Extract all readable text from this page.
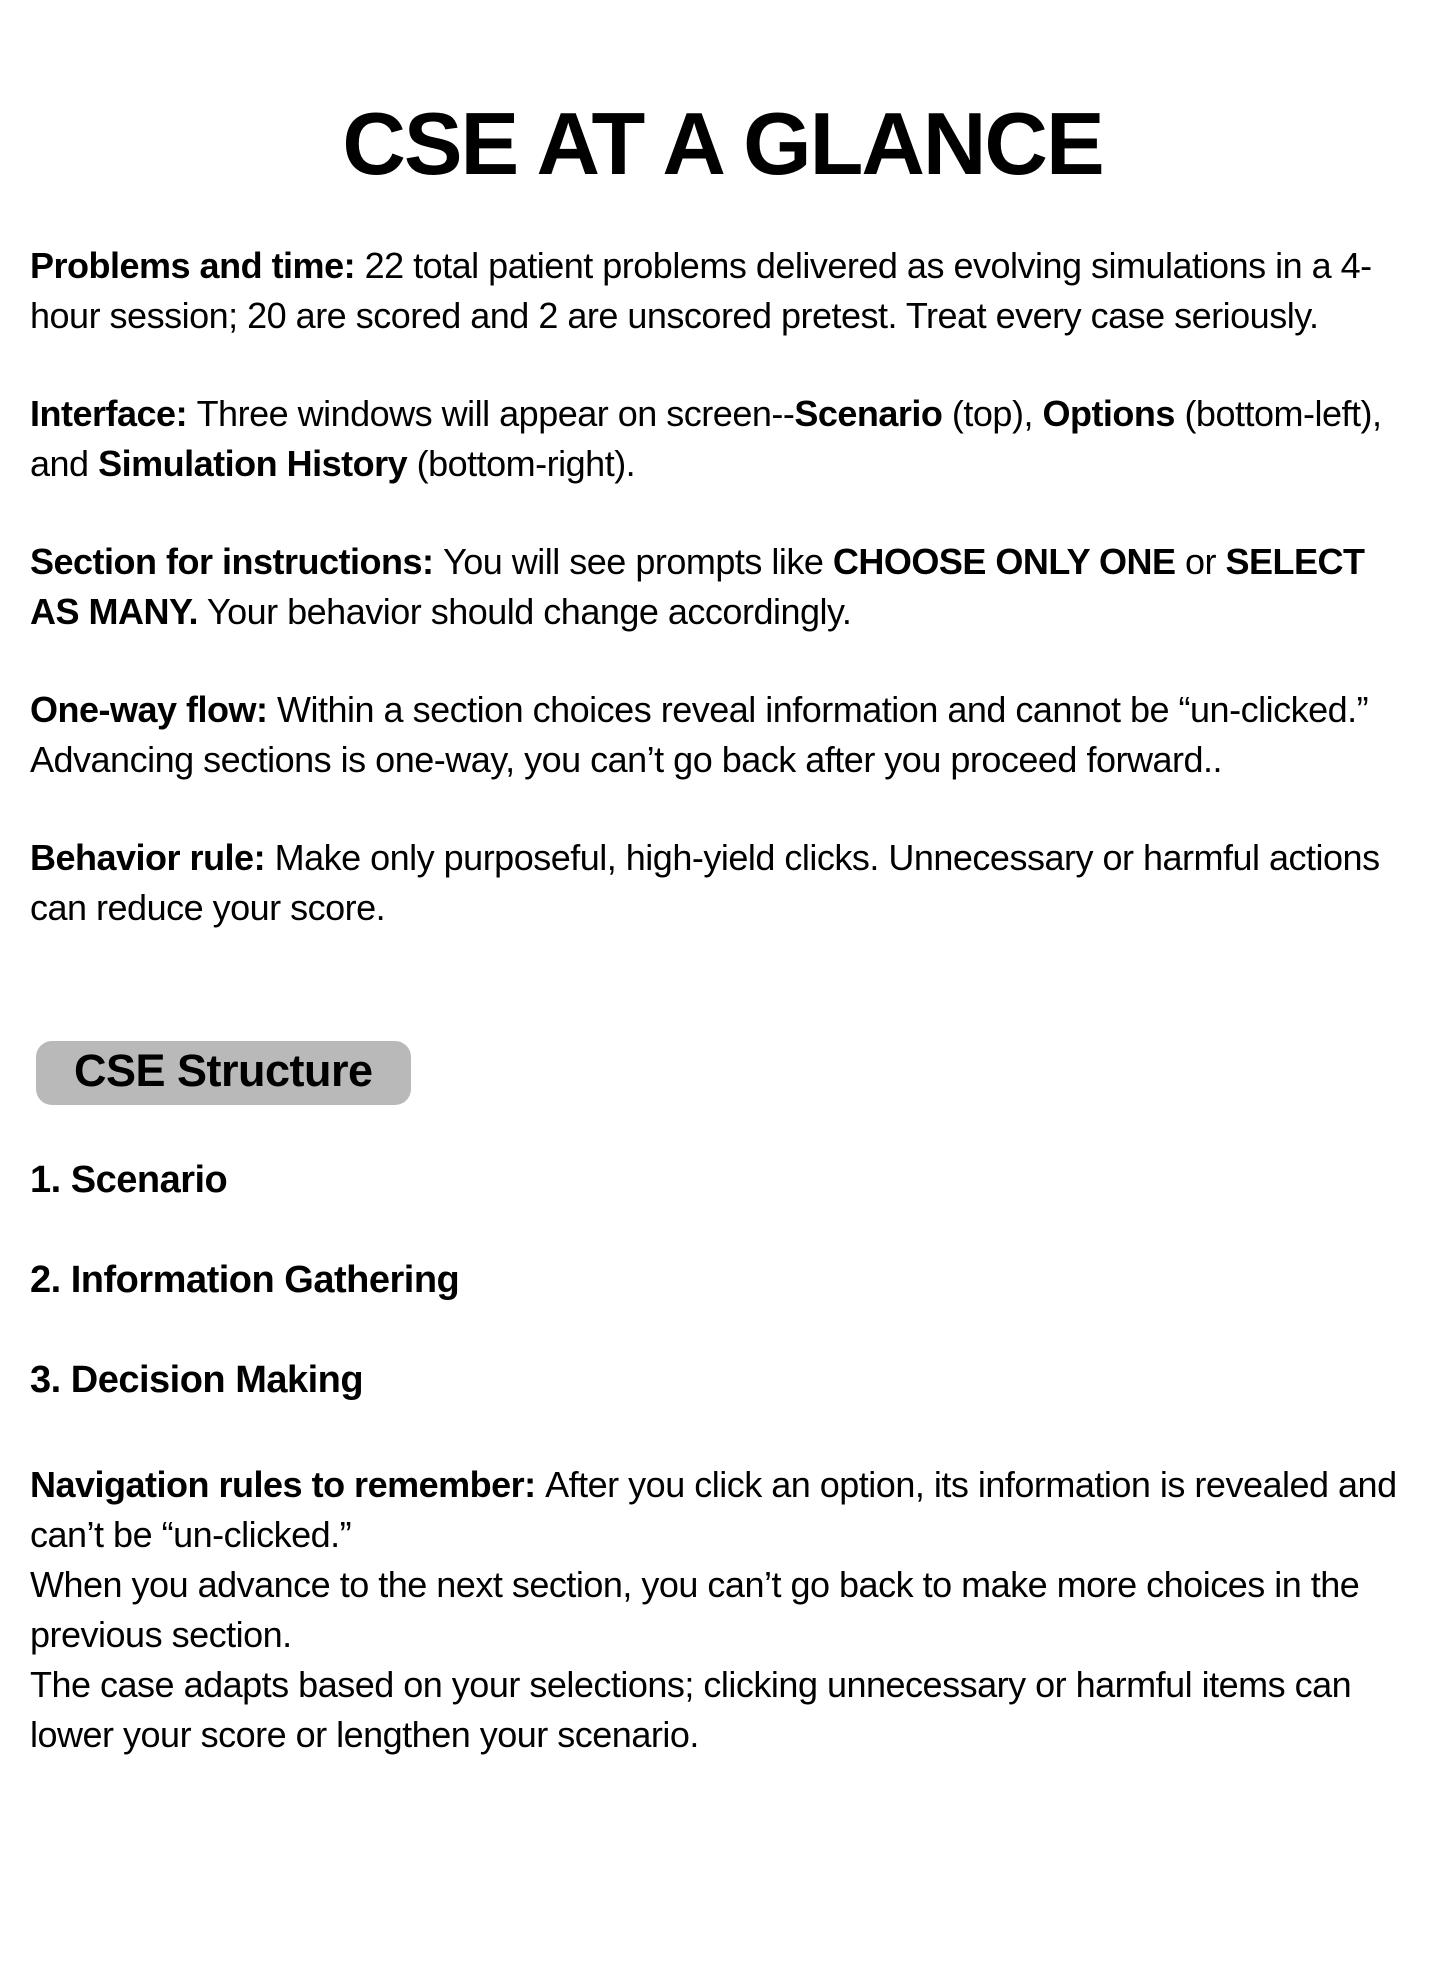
CSE AT A GLANCE

Problems and time: 22 total patient problems delivered as evolving simulations in a 4-hour session; 20 are scored and 2 are unscored pretest. Treat every case seriously.

Interface: Three windows will appear on screen--Scenario (top), Options (bottom-left), and Simulation History (bottom-right).

Section for instructions: You will see prompts like CHOOSE ONLY ONE or SELECT AS MANY. Your behavior should change accordingly.

One-way flow: Within a section choices reveal information and cannot be “un-clicked.” Advancing sections is one-way, you can’t go back after you proceed forward..

Behavior rule: Make only purposeful, high-yield clicks. Unnecessary or harmful actions can reduce your score.

CSE Structure

1. Scenario

2. Information Gathering

3. Decision Making

Navigation rules to remember: After you click an option, its information is revealed and can’t be “un-clicked.”
When you advance to the next section, you can’t go back to make more choices in the previous section.
The case adapts based on your selections; clicking unnecessary or harmful items can lower your score or lengthen your scenario.
